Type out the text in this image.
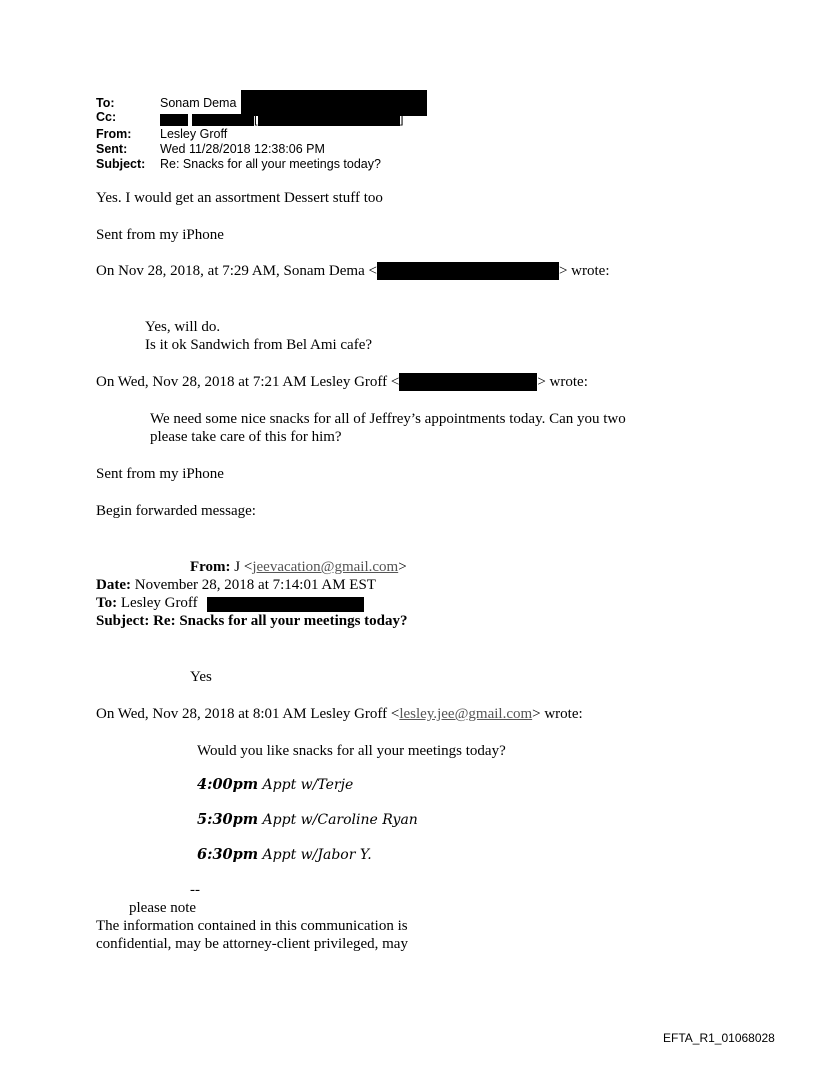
To:	Sonam Dema
Cc:	[	]
From: Lesley Groff
Sent:	Wed 11/28/2018 12:38:06 PM
Subject: Re: Snacks for all your meetings today?
Yes. I would get an assortment Dessert stuff too
Sent from my iPhone
On Nov 28, 2018, at 7:29 AM, Sonam Dema <	> wrote:
Yes, will do.
Is it ok Sandwich from Bel Ami cafe?
On Wed, Nov 28, 2018 at 7:21 AM Lesley Groff <	> wrote:
We need some nice snacks for all of Jeffrey’s appointments today. Can you two
please take care of this for him?
Sent from my iPhone
Begin forwarded message:
From: J <jeevacation@gmail.com>
Date: November 28, 2018 at 7:14:01 AM EST
To: Lesley Groff
Subject: Re: Snacks for all your meetings today?
Yes
On Wed, Nov 28, 2018 at 8:01 AM Lesley Groff <lesley.jee@gmail.com> wrote:
Would you like snacks for all your meetings today?
4:00pm Appt w/Terje
5:30pm Appt w/Caroline Ryan
6:30pm Appt w/Jabor Y.
--
please note
The information contained in this communication is
confidential, may be attorney-client privileged, may
EFTA_R1_01068028
